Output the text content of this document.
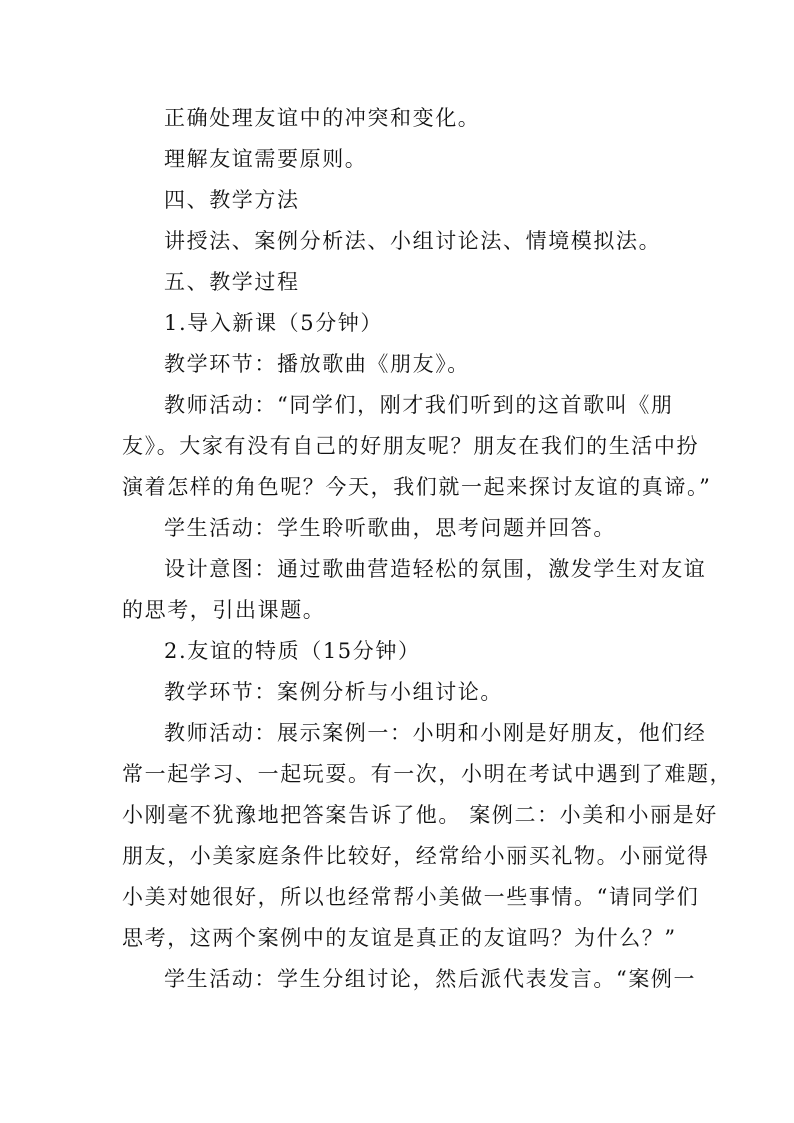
正确处理友谊中的冲突和变化。
理解友谊需要原则。
四、教学方法
讲授法、案例分析法、小组讨论法、情境模拟法。
五、教学过程
1.导入新课（5分钟）
教学环节：播放歌曲《朋友》。
教师活动：“同学们，刚才我们听到的这首歌叫《朋
友》。大家有没有自己的好朋友呢？朋友在我们的生活中扮
演着怎样的角色呢？今天，我们就一起来探讨友谊的真谛。”
学生活动：学生聆听歌曲，思考问题并回答。
设计意图：通过歌曲营造轻松的氛围，激发学生对友谊
的思考，引出课题。
2.友谊的特质（15分钟）
教学环节：案例分析与小组讨论。
教师活动：展示案例一：小明和小刚是好朋友，他们经
常一起学习、一起玩耍。有一次，小明在考试中遇到了难题，
小刚毫不犹豫地把答案告诉了他。 案例二：小美和小丽是好
朋友，小美家庭条件比较好，经常给小丽买礼物。小丽觉得
小美对她很好，所以也经常帮小美做一些事情。“请同学们
思考，这两个案例中的友谊是真正的友谊吗？为什么？”
学生活动：学生分组讨论，然后派代表发言。“案例一
